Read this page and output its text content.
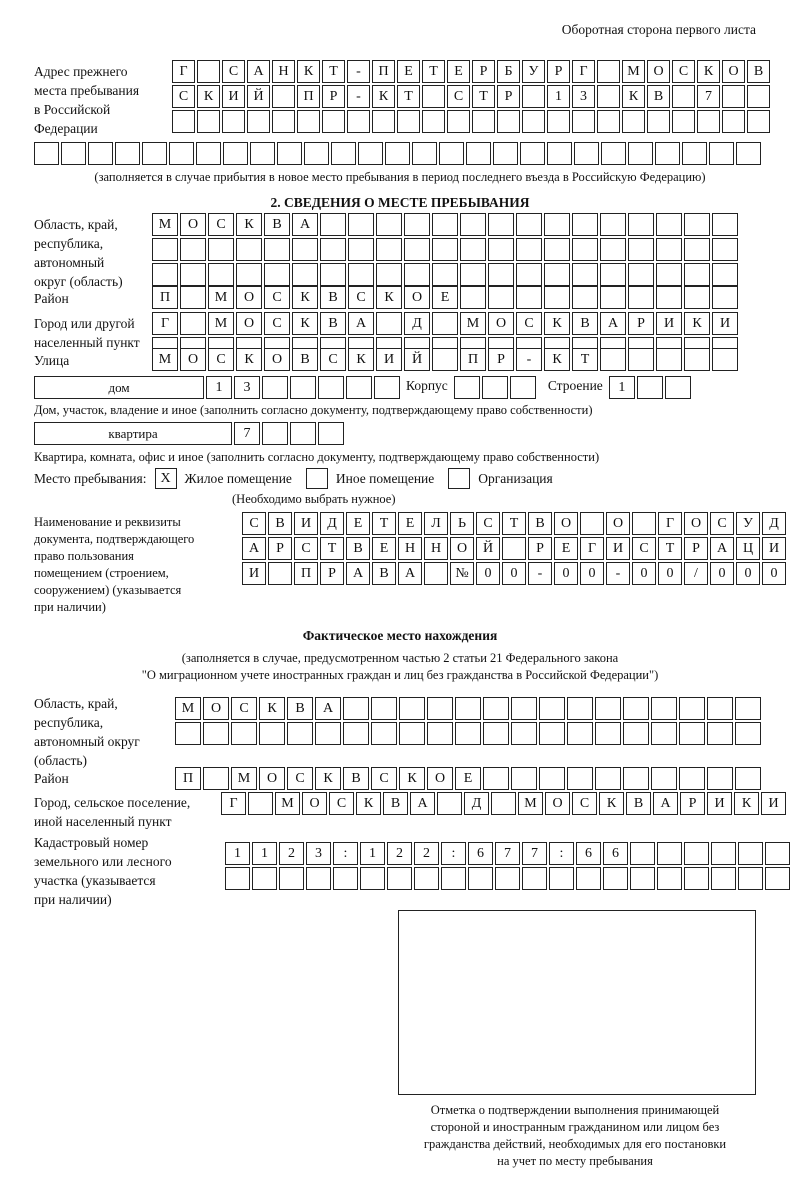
Оборотная сторона первого листа
Адрес прежнего
места пребывания
в Российской
Федерации
Г	С	А	Н	К	Т	-	П	Е	Т	Е	Р	Б	У	Р	Г	М О	С	К	О	В
С	К	И	Й	П	Р	-	К	Т	С	Т	Р	1	3	К	В	7
(заполняется в случае прибытия в новое место пребывания в период последнего въезда в Российскую Федерацию)
2. СВЕДЕНИЯ О МЕСТЕ ПРЕБЫВАНИЯ
Область, край,
республика,
автономный
округ (область)
М	О	С	К	В	А
Район	П	М	О	С	К	В	С	К	О	Е
Город или другой
населенный пункт
Г	М	О	С	К	В	А	Д	М	О	С	К	В	А	Р	И	К	И
Улица	М	О	С	К	О	В	С	К	И	Й	П	Р	-	К	Т
дом	1	3	Корпус	Строение	1
Дом, участок, владение и иное (заполнить согласно документу, подтверждающему право собственности)
квартира	7
Квартира, комната, офис и иное (заполнить согласно документу, подтверждающему право собственности)
Место пребывания: Х	Жилое помещение	Иное помещение	Организация
(Необходимо выбрать нужное)
Наименование и реквизиты
документа, подтверждающего
право пользования
помещением (строением,
сооружением) (указывается
при наличии)
С	В	И	Д	Е	Т	Е	Л	Ь	С	Т	В	О	О	Г	О	С	У	Д
А	Р	С	Т	В	Е	Н	Н	О	Й	Р	Е	Г	И	С	Т	Р	А	Ц	И
И	П	Р	А	В	А	№	0	0	-	0	0	-	0	0	/	0	0	0
Фактическое место нахождения
(заполняется в случае, предусмотренном частью 2 статьи 21 Федерального закона
"О миграционном учете иностранных граждан и лиц без гражданства в Российской Федерации")
Область, край,
республика,
автономный округ
(область)
М	О	С	К	В	А
Район	П	М	О	С	К	В	С	К	О	Е
Город, сельское поселение,
иной населенный пункт
Г	М	О	С	К	В	А	Д	М	О	С	К	В	А	Р	И	К	И
Кадастровый номер
земельного или лесного
участка (указывается
при наличии)
1	1	2	3	:	1	2	2	:	6	7	7	:	6	6
Отметка о подтверждении выполнения принимающей
стороной и иностранным гражданином или лицом без
гражданства действий, необходимых для его постановки
на учет по месту пребывания
